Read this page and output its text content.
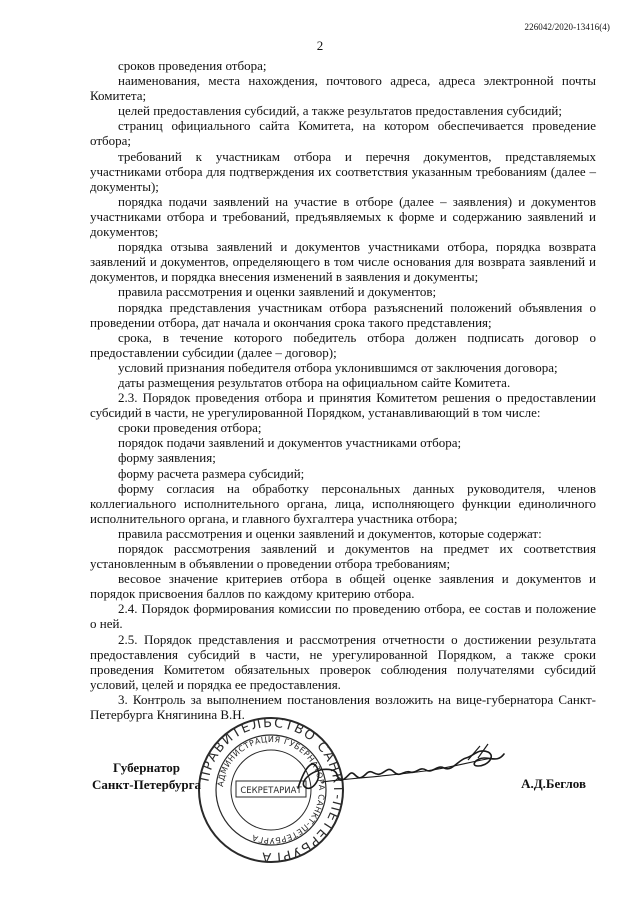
226042/2020-13416(4)
2

сроков проведения отбора;

наименования, места нахождения, почтового адреса, адреса электронной почты Комитета;

целей предоставления субсидий, а также результатов предоставления субсидий;

страниц официального сайта Комитета, на котором обеспечивается проведение отбора;

требований к участникам отбора и перечня документов, представляемых участниками отбора для подтверждения их соответствия указанным требованиям (далее – документы);

порядка подачи заявлений на участие в отборе (далее – заявления) и документов участниками отбора и требований, предъявляемых к форме и содержанию заявлений и документов;

порядка отзыва заявлений и документов участниками отбора, порядка возврата заявлений и документов, определяющего в том числе основания для возврата заявлений и документов, и порядка внесения изменений в заявления и документы;

правила рассмотрения и оценки заявлений и документов;

порядка представления участникам отбора разъяснений положений объявления о проведении отбора, дат начала и окончания срока такого представления;

срока, в течение которого победитель отбора должен подписать договор о предоставлении субсидии (далее – договор);

условий признания победителя отбора уклонившимся от заключения договора;

даты размещения результатов отбора на официальном сайте Комитета.

2.3. Порядок проведения отбора и принятия Комитетом решения о предоставлении субсидий в части, не урегулированной Порядком, устанавливающий в том числе:

сроки проведения отбора;

порядок подачи заявлений и документов участниками отбора;

форму заявления;

форму расчета размера субсидий;

форму согласия на обработку персональных данных руководителя, членов коллегиального исполнительного органа, лица, исполняющего функции единоличного исполнительного органа, и главного бухгалтера участника отбора;

правила рассмотрения и оценки заявлений и документов, которые содержат:

порядок рассмотрения заявлений и документов на предмет их соответствия установленным в объявлении о проведении отбора требованиям;

весовое значение критериев отбора в общей оценке заявления и документов и порядок присвоения баллов по каждому критерию отбора.

2.4. Порядок формирования комиссии по проведению отбора, ее состав и положение о ней.

2.5. Порядок представления и рассмотрения отчетности о достижении результата предоставления субсидий в части, не урегулированной Порядком, а также сроки проведения Комитетом обязательных проверок соблюдения получателями субсидий условий, целей и порядка ее предоставления.

3. Контроль за выполнением постановления возложить на вице-губернатора Санкт-Петербурга Княгинина В.Н.

ПРАВИТЕЛЬСТВО САНКТ-ПЕТЕРБУРГА
АДМИНИСТРАЦИЯ ГУБЕРНАТОРА САНКТ-ПЕТЕРБУРГА
СЕКРЕТАРИАТ
Губернатор
Санкт-Петербурга	А.Д.Беглов
